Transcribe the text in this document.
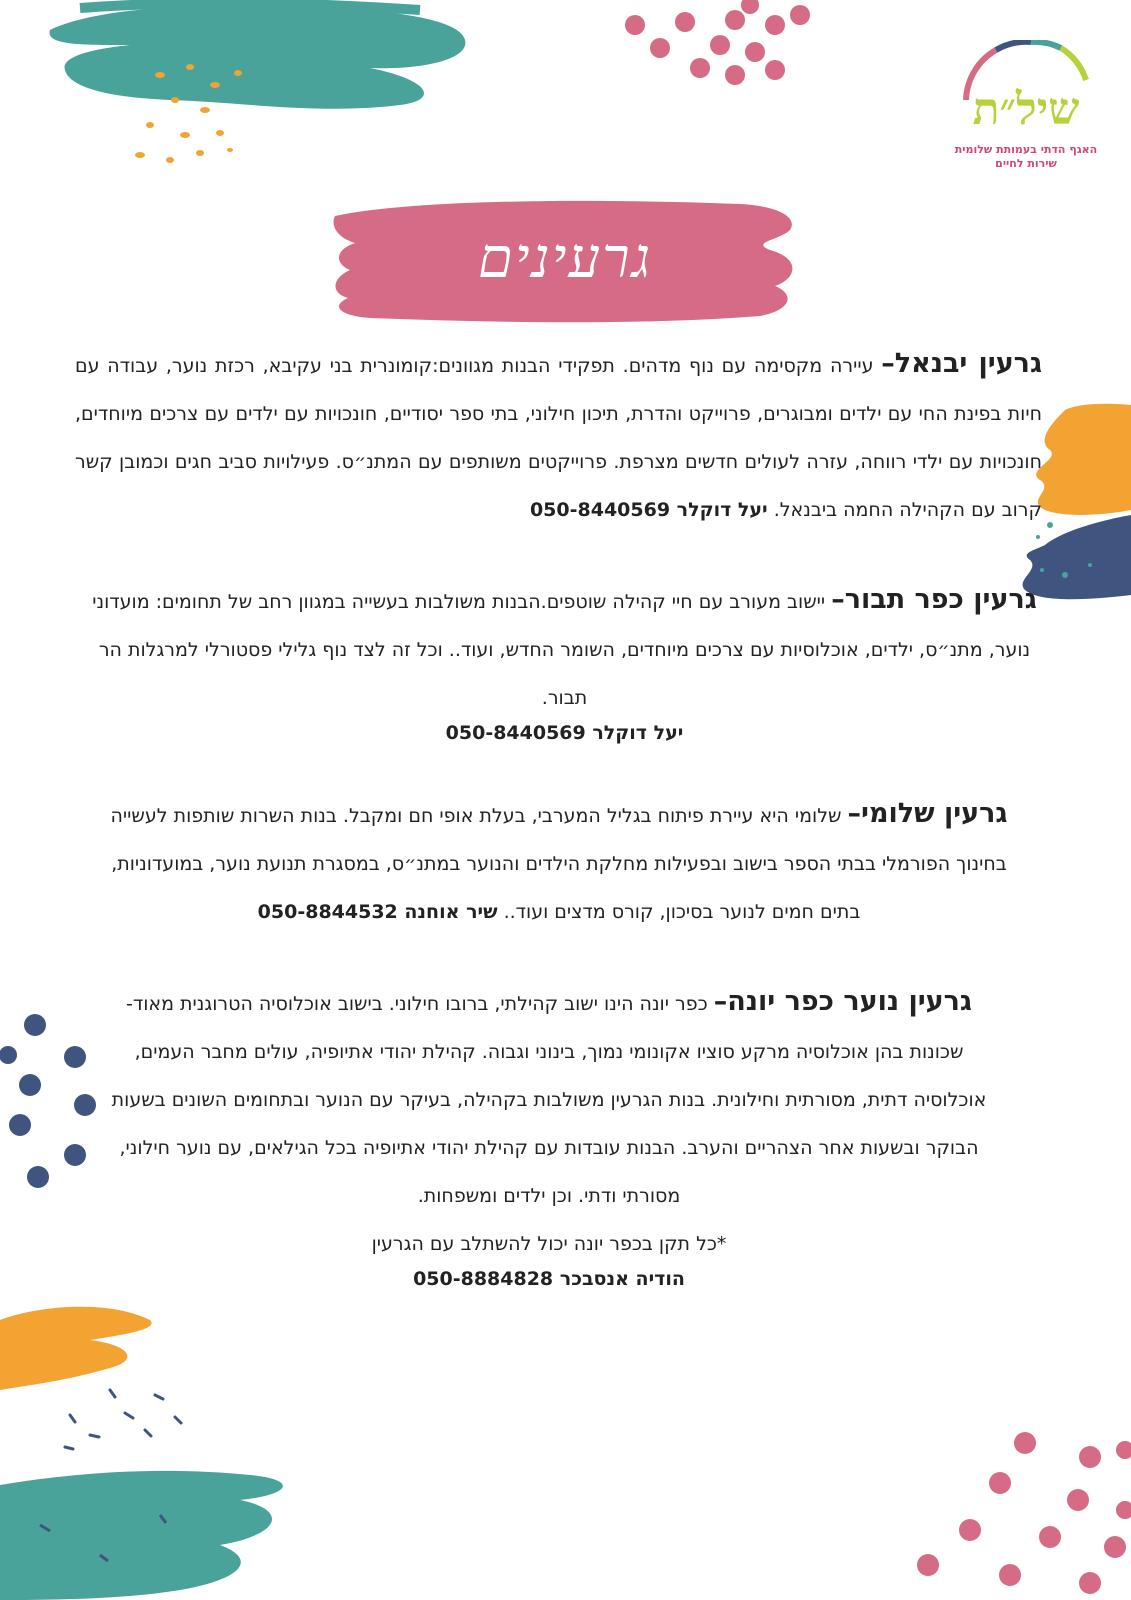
שיל״ת
האגף הדתי בעמותת שלומית
שירות לחיים
גרעינים

גרעין יבנאל– עיירה מקסימה עם נוף מדהים. תפקידי הבנות מגוונים:קומונרית בני עקיבא, רכזת נוער, עבודה עם חיות בפינת החי עם ילדים ומבוגרים, פרוייקט והדרת, תיכון חילוני, בתי ספר יסודיים, חונכויות עם ילדים עם צרכים מיוחדים, חונכויות עם ילדי רווחה, עזרה לעולים חדשים מצרפת. פרוייקטים משותפים עם המתנ״ס. פעילויות סביב חגים וכמובן קשר קרוב עם הקהילה החמה ביבנאל. יעל דוקלר 050-8440569

גרעין כפר תבור– יישוב מעורב עם חיי קהילה שוטפים.הבנות משולבות בעשייה במגוון רחב של תחומים: מועדוני נוער, מתנ״ס, ילדים, אוכלוסיות עם צרכים מיוחדים, השומר החדש, ועוד.. וכל זה לצד נוף גלילי פסטורלי למרגלות הר תבור.

יעל דוקלר 050-8440569

גרעין שלומי– שלומי היא עיירת פיתוח בגליל המערבי, בעלת אופי חם ומקבל. בנות השרות שותפות לעשייה בחינוך הפורמלי בבתי הספר בישוב ובפעילות מחלקת הילדים והנוער במתנ״ס, במסגרת תנועת נוער, במועדוניות, בתים חמים לנוער בסיכון, קורס מדצים ועוד.. שיר אוחנה 050-8844532

גרעין נוער כפר יונה– כפר יונה הינו ישוב קהילתי, ברובו חילוני. בישוב אוכלוסיה הטרוגנית מאוד- שכונות בהן אוכלוסיה מרקע סוציו אקונומי נמוך, בינוני וגבוה. קהילת יהודי אתיופיה, עולים מחבר העמים, אוכלוסיה דתית, מסורתית וחילונית. בנות הגרעין משולבות בקהילה, בעיקר עם הנוער ובתחומים השונים בשעות הבוקר ובשעות אחר הצהריים והערב. הבנות עובדות עם קהילת יהודי אתיופיה בכל הגילאים, עם נוער חילוני, מסורתי ודתי. וכן ילדים ומשפחות.

*כל תקן בכפר יונה יכול להשתלב עם הגרעין

הודיה אנסבכר 050-8884828
